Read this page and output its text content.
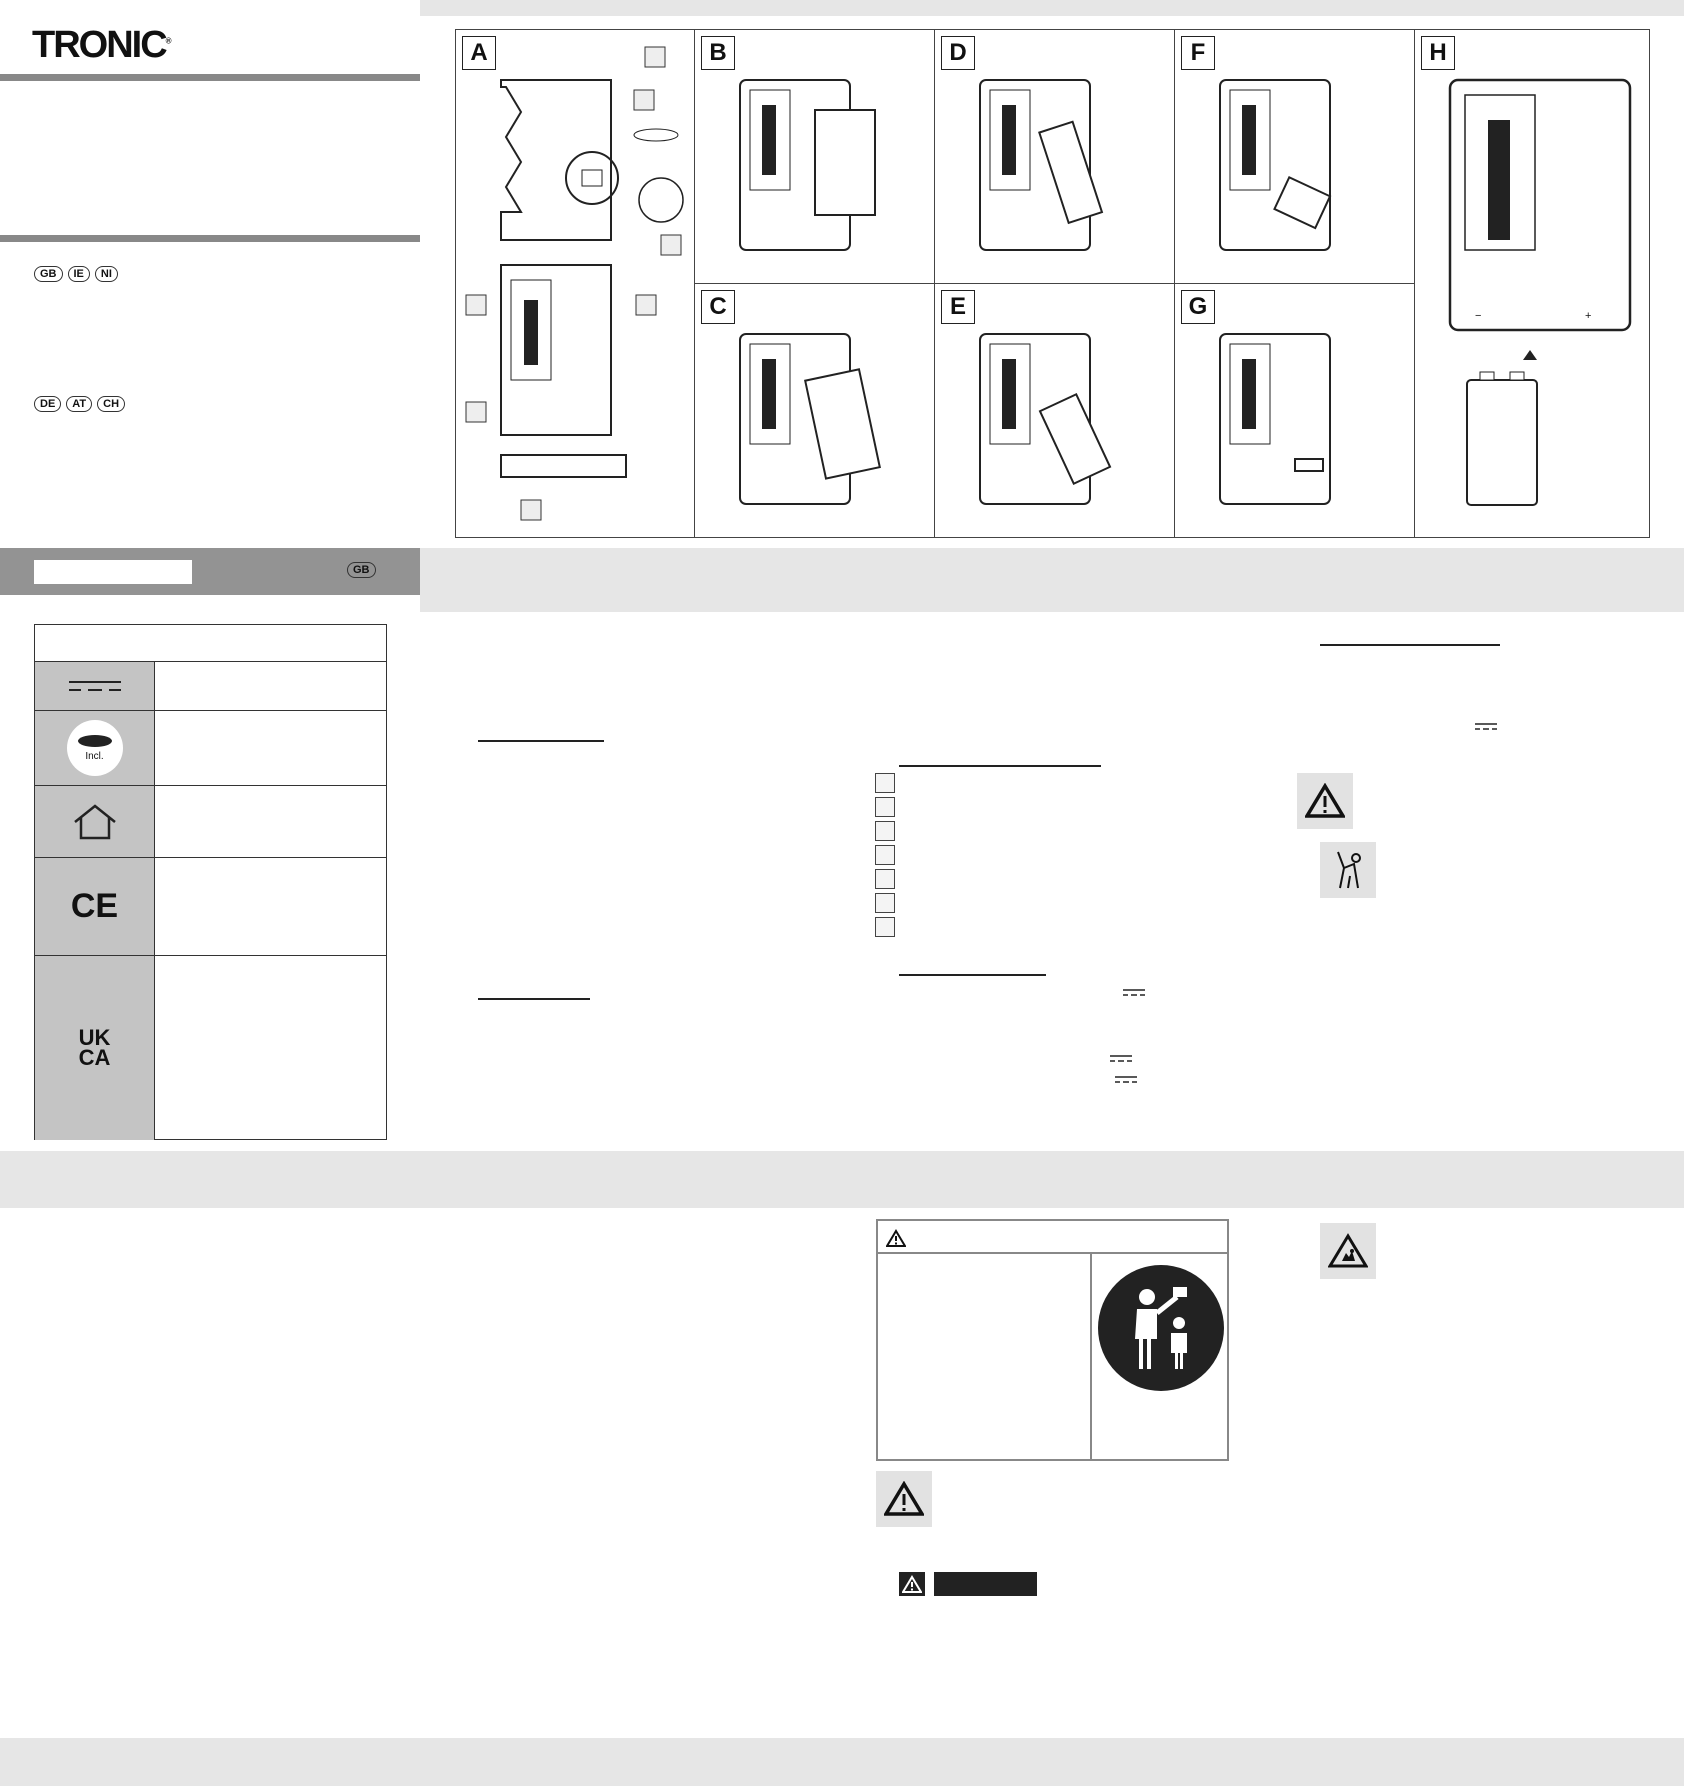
TRONIC®
GB IE NI
DE AT CH
A	B	D	F
C	E	G
H
+
−
GB
Incl.
CE
UKCA
